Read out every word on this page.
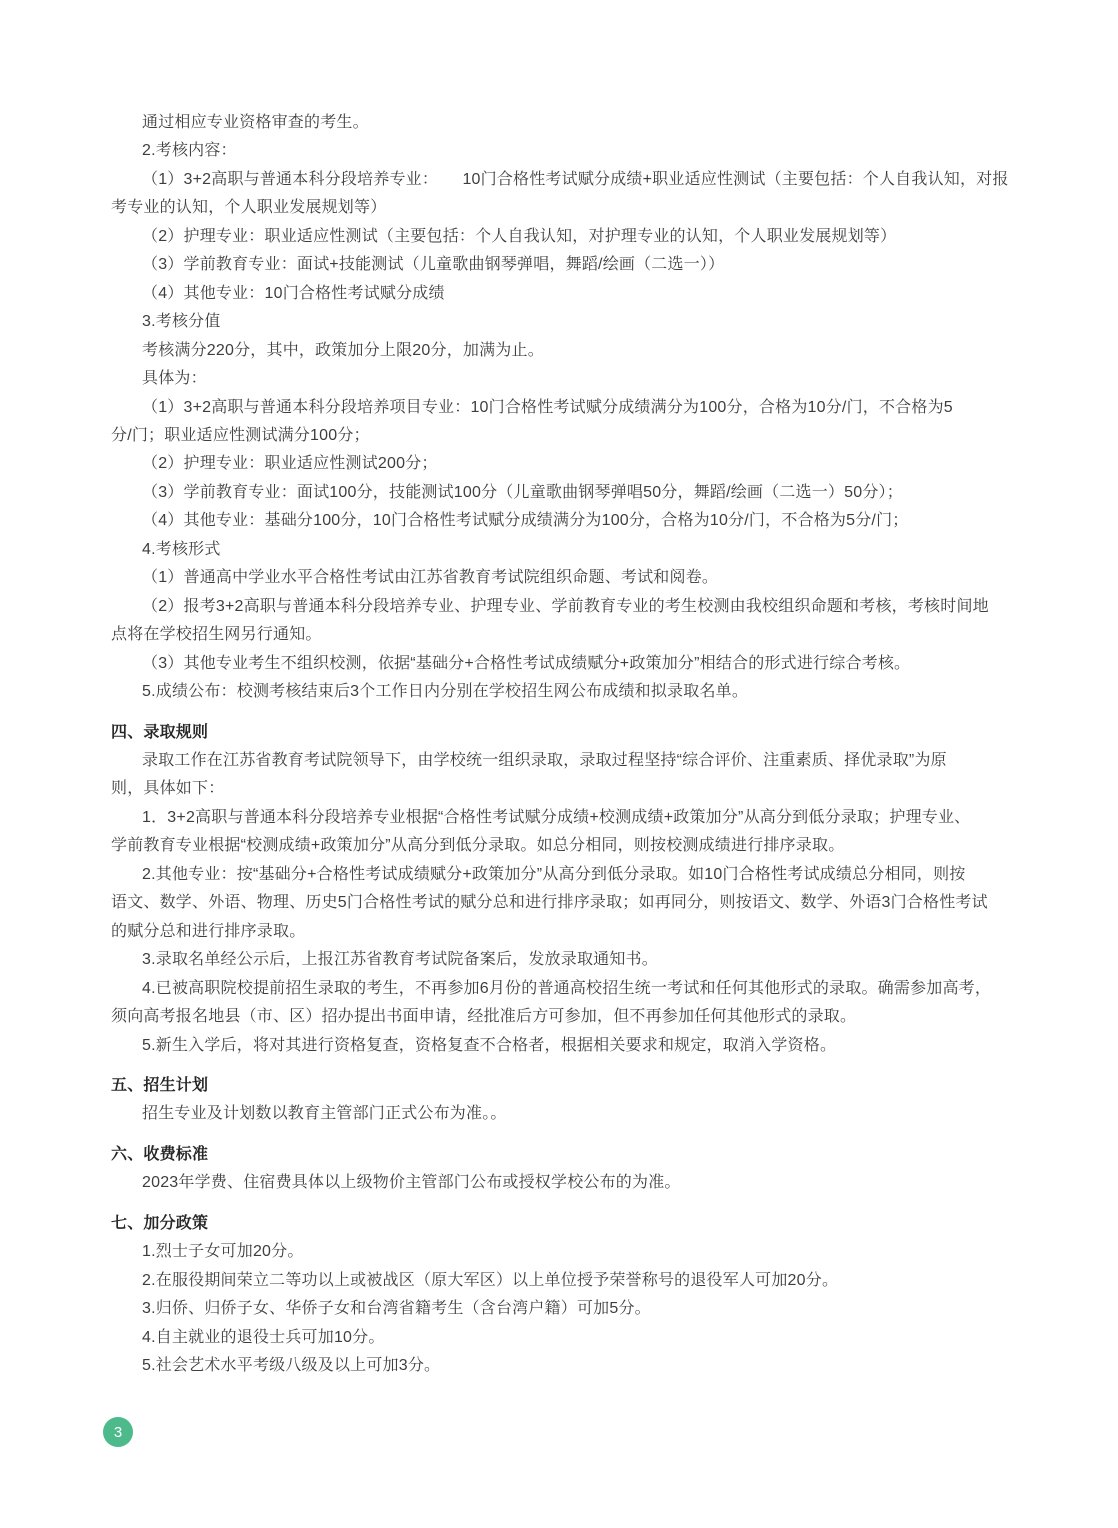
通过相应专业资格审查的考生。
2.考核内容：
（1）3+2高职与普通本科分段培养专业：　　10门合格性考试赋分成绩+职业适应性测试（主要包括：个人自我认知，对报
考专业的认知，个人职业发展规划等）
（2）护理专业：职业适应性测试（主要包括：个人自我认知，对护理专业的认知，个人职业发展规划等）
（3）学前教育专业：面试+技能测试（儿童歌曲钢琴弹唱，舞蹈/绘画（二选一））
（4）其他专业：10门合格性考试赋分成绩
3.考核分值
考核满分220分，其中，政策加分上限20分，加满为止。
具体为：
（1）3+2高职与普通本科分段培养项目专业：10门合格性考试赋分成绩满分为100分，合格为10分/门，不合格为5
分/门；职业适应性测试满分100分；
（2）护理专业：职业适应性测试200分；
（3）学前教育专业：面试100分，技能测试100分（儿童歌曲钢琴弹唱50分，舞蹈/绘画（二选一）50分）；
（4）其他专业：基础分100分，10门合格性考试赋分成绩满分为100分，合格为10分/门，不合格为5分/门；
4.考核形式
（1）普通高中学业水平合格性考试由江苏省教育考试院组织命题、考试和阅卷。
（2）报考3+2高职与普通本科分段培养专业、护理专业、学前教育专业的考生校测由我校组织命题和考核，考核时间地
点将在学校招生网另行通知。
（3）其他专业考生不组织校测，依据“基础分+合格性考试成绩赋分+政策加分”相结合的形式进行综合考核。
5.成绩公布：校测考核结束后3个工作日内分别在学校招生网公布成绩和拟录取名单。
四、录取规则
录取工作在江苏省教育考试院领导下，由学校统一组织录取，录取过程坚持“综合评价、注重素质、择优录取”为原
则，具体如下：
1．3+2高职与普通本科分段培养专业根据“合格性考试赋分成绩+校测成绩+政策加分”从高分到低分录取；护理专业、
学前教育专业根据“校测成绩+政策加分”从高分到低分录取。如总分相同，则按校测成绩进行排序录取。
2.其他专业：按“基础分+合格性考试成绩赋分+政策加分”从高分到低分录取。如10门合格性考试成绩总分相同，则按
语文、数学、外语、物理、历史5门合格性考试的赋分总和进行排序录取；如再同分，则按语文、数学、外语3门合格性考试
的赋分总和进行排序录取。
3.录取名单经公示后，上报江苏省教育考试院备案后，发放录取通知书。
4.已被高职院校提前招生录取的考生，不再参加6月份的普通高校招生统一考试和任何其他形式的录取。确需参加高考，
须向高考报名地县（市、区）招办提出书面申请，经批准后方可参加，但不再参加任何其他形式的录取。
5.新生入学后，将对其进行资格复查，资格复查不合格者，根据相关要求和规定，取消入学资格。
五、招生计划
招生专业及计划数以教育主管部门正式公布为准。。
六、收费标准
2023年学费、住宿费具体以上级物价主管部门公布或授权学校公布的为准。
七、加分政策
1.烈士子女可加20分。
2.在服役期间荣立二等功以上或被战区（原大军区）以上单位授予荣誉称号的退役军人可加20分。
3.归侨、归侨子女、华侨子女和台湾省籍考生（含台湾户籍）可加5分。
4.自主就业的退役士兵可加10分。
5.社会艺术水平考级八级及以上可加3分。
3
